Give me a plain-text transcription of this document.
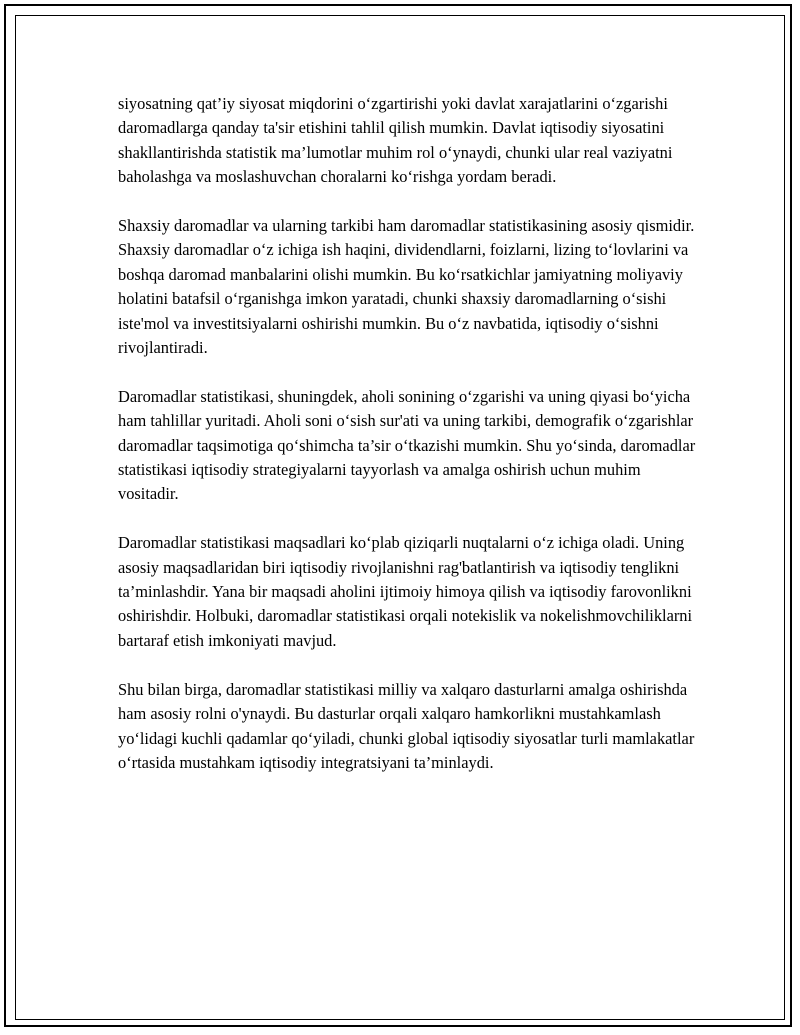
siyosatning qat’iy siyosat miqdorini oʻzgartirishi yoki davlat xarajatlarini oʻzgarishi daromadlarga qanday ta'sir etishini tahlil qilish mumkin. Davlat iqtisodiy siyosatini shakllantirishda statistik ma’lumotlar muhim rol oʻynaydi, chunki ular real vaziyatni baholashga va moslashuvchan choralarni koʻrishga yordam beradi.

Shaxsiy daromadlar va ularning tarkibi ham daromadlar statistikasining asosiy qismidir. Shaxsiy daromadlar oʻz ichiga ish haqini, dividendlarni, foizlarni, lizing toʻlovlarini va boshqa daromad manbalarini olishi mumkin. Bu koʻrsatkichlar jamiyatning moliyaviy holatini batafsil oʻrganishga imkon yaratadi, chunki shaxsiy daromadlarning oʻsishi iste'mol va investitsiyalarni oshirishi mumkin. Bu oʻz navbatida, iqtisodiy oʻsishni rivojlantiradi.

Daromadlar statistikasi, shuningdek, aholi sonining oʻzgarishi va uning qiyasi boʻyicha ham tahlillar yuritadi. Aholi soni oʻsish sur'ati va uning tarkibi, demografik oʻzgarishlar daromadlar taqsimotiga qoʻshimcha ta’sir oʻtkazishi mumkin. Shu yoʻsinda, daromadlar statistikasi iqtisodiy strategiyalarni tayyorlash va amalga oshirish uchun muhim vositadir.

Daromadlar statistikasi maqsadlari koʻplab qiziqarli nuqtalarni oʻz ichiga oladi. Uning asosiy maqsadlaridan biri iqtisodiy rivojlanishni rag'batlantirish va iqtisodiy tenglikni ta’minlashdir. Yana bir maqsadi aholini ijtimoiy himoya qilish va iqtisodiy farovonlikni oshirishdir. Holbuki, daromadlar statistikasi orqali notekislik va nokelishmovchiliklarni bartaraf etish imkoniyati mavjud.

Shu bilan birga, daromadlar statistikasi milliy va xalqaro dasturlarni amalga oshirishda ham asosiy rolni o'ynaydi. Bu dasturlar orqali xalqaro hamkorlikni mustahkamlash yoʻlidagi kuchli qadamlar qoʻyiladi, chunki global iqtisodiy siyosatlar turli mamlakatlar oʻrtasida mustahkam iqtisodiy integratsiyani ta’minlaydi.
